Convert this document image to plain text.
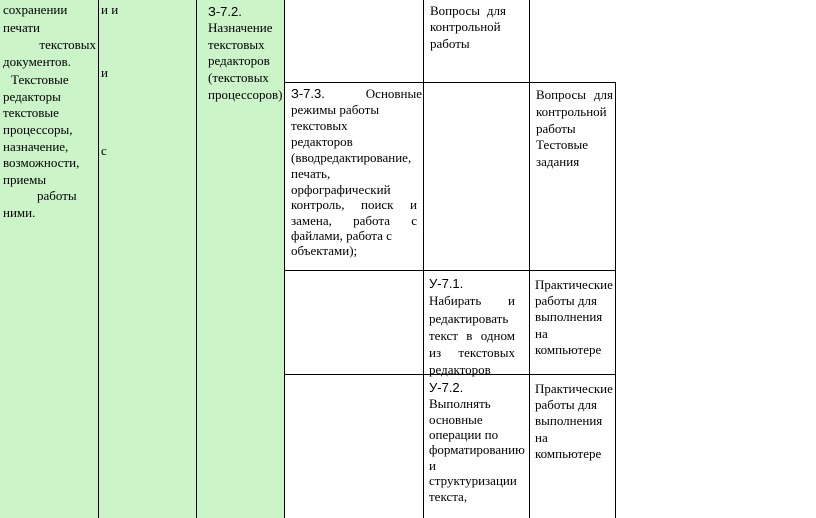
сохранении
печати
текстовых
документов.
Текстовые
редакторы
текстовые
процессоры,
назначение,
возможности,
приемы
работы
ними.
и и
и
с
З-7.2.
Назначение
текстовых
редакторов
(текстовых
процессоров)
Вопросы для
контрольной
работы
З-7.3.	Основные
режимы работы
текстовых
редакторов
(вводредактирование,
печать,
орфографический
контроль, поиск и
замена, работа с
файлами, работа с
объектами);
Вопросы для
контрольной
работы
Тестовые
задания
У-7.1.
Набирать и
редактировать
текст в одном
из текстовых
редакторов
Практические
работы для
выполнения
на
компьютере
У-7.2.
Выполнять
основные
операции по
форматированию
и
структуризации
текста,
Практические
работы для
выполнения
на
компьютере
